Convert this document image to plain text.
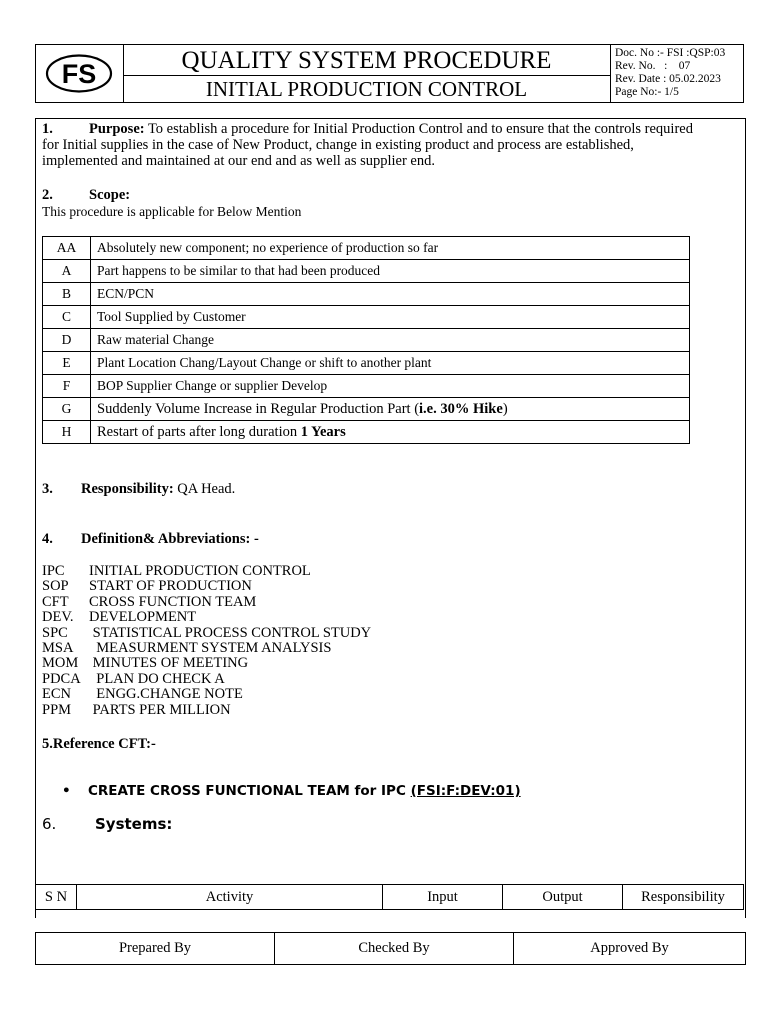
FS	QUALITY SYSTEM PROCEDURE
INITIAL PRODUCTION CONTROL
Doc. No :- FSI :QSP:03
Rev. No.   :    07
Rev. Date : 05.02.2023
Page No:- 1/5
1. Purpose: To establish a procedure for Initial Production Control and to ensure that the controls required
for Initial supplies in the case of New Product, change in existing product and process are established,
implemented and maintained at our end and as well as supplier end.
2. Scope:
This procedure is applicable for Below Mention
AA	Absolutely new component; no experience of production so far
A	Part happens to be similar to that had been produced
B	ECN/PCN
C	Tool Supplied by Customer
D	Raw material Change
E	Plant Location Chang/Layout Change or shift to another plant
F	BOP Supplier Change or supplier Develop
G	Suddenly Volume Increase in Regular Production Part (i.e. 30% Hike)
H	Restart of parts after long duration 1 Years
3. Responsibility: QA Head.
4. Definition& Abbreviations: -
IPC INITIAL PRODUCTION CONTROL
SOP START OF PRODUCTION
CFT CROSS FUNCTION TEAM
DEV. DEVELOPMENT
SPC STATISTICAL PROCESS CONTROL STUDY
MSA  MEASURMENT SYSTEM ANALYSIS
MOM MINUTES OF MEETING
PDCA  PLAN DO CHECK A
ECN  ENGG.CHANGE NOTE
PPM PARTS PER MILLION
5.Reference CFT:-
• CREATE CROSS FUNCTIONAL TEAM for IPC (FSI:F:DEV:01)
6.	Systems:
S N	Activity	Input	Output	Responsibility
Prepared By	Checked By	Approved By
